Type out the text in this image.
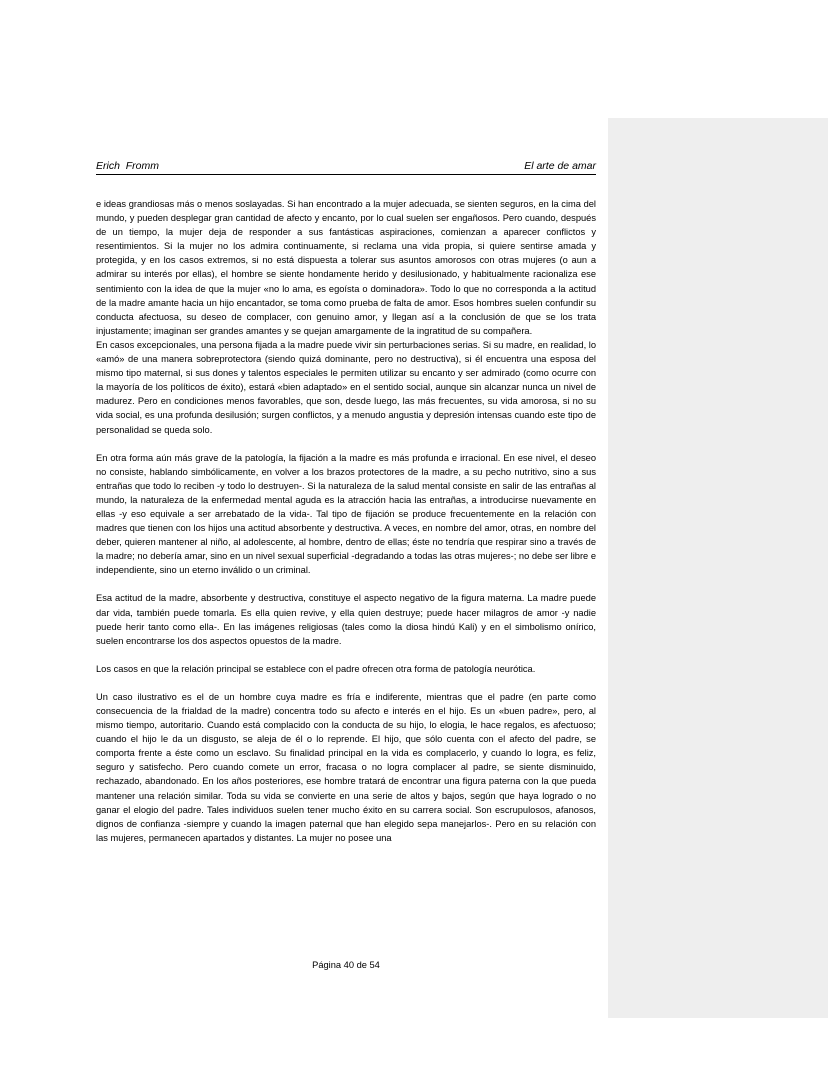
Erich  Fromm	El arte de amar

e ideas grandiosas más o menos soslayadas. Si han encontrado a la mujer adecuada, se sienten seguros, en la cima del mundo, y pueden desplegar gran cantidad de afecto y encanto, por lo cual suelen ser engañosos. Pero cuando, después de un tiempo, la mujer deja de responder a sus fantásticas aspiraciones, comienzan a aparecer conflictos y resentimientos. Si la mujer no los admira continuamente, si reclama una vida propia, si quiere sentirse amada y protegida, y en los casos extremos, si no está dispuesta a tolerar sus asuntos amorosos con otras mujeres (o aun a admirar su interés por ellas), el hombre se siente hondamente herido y desilusionado, y habitualmente racionaliza ese sentimiento con la idea de que la mujer «no lo ama, es egoísta o dominadora». Todo lo que no corresponda a la actitud de la madre amante hacia un hijo encantador, se toma como prueba de falta de amor. Esos hombres suelen confundir su conducta afectuosa, su deseo de complacer, con genuino amor, y llegan así a la conclusión de que se los trata injustamente; imaginan ser grandes amantes y se quejan amargamente de la ingratitud de su compañera.

En casos excepcionales, una persona fijada a la madre puede vivir sin perturbaciones serias. Si su madre, en realidad, lo «amó» de una manera sobreprotectora (siendo quizá dominante, pero no destructiva), si él encuentra una esposa del mismo tipo maternal, si sus dones y talentos especiales le permiten utilizar su encanto y ser admirado (como ocurre con la mayoría de los políticos de éxito), estará «bien adaptado» en el sentido social, aunque sin alcanzar nunca un nivel de madurez. Pero en condiciones menos favorables, que son, desde luego, las más frecuentes, su vida amorosa, si no su vida social, es una profunda desilusión; surgen conflictos, y a menudo angustia y depresión intensas cuando este tipo de personalidad se queda solo.

En otra forma aún más grave de la patología, la fijación a la madre es más profunda e irracional. En ese nivel, el deseo no consiste, hablando simbólicamente, en volver a los brazos protectores de la madre, a su pecho nutritivo, sino a sus entrañas que todo lo reciben -y todo lo destruyen-. Si la naturaleza de la salud mental consiste en salir de las entrañas al mundo, la naturaleza de la enfermedad mental aguda es la atracción hacia las entrañas, a introducirse nuevamente en ellas -y eso equivale a ser arrebatado de la vida-. Tal tipo de fijación se produce frecuentemente en la relación con madres que tienen con los hijos una actitud absorbente y destructiva. A veces, en nombre del amor, otras, en nombre del deber, quieren mantener al niño, al adolescente, al hombre, dentro de ellas; éste no tendría que respirar sino a través de la madre; no debería amar, sino en un nivel sexual superficial -degradando a todas las otras mujeres-; no debe ser libre e independiente, sino un eterno inválido o un criminal.

Esa actitud de la madre, absorbente y destructiva, constituye el aspecto negativo de la figura materna. La madre puede dar vida, también puede tomarla. Es ella quien revive, y ella quien destruye; puede hacer milagros de amor -y nadie puede herir tanto como ella-. En las imágenes religiosas (tales como la diosa hindú Kali) y en el simbolismo onírico, suelen encontrarse los dos aspectos opuestos de la madre.

Los casos en que la relación principal se establece con el padre ofrecen otra forma de patología neurótica.

Un caso ilustrativo es el de un hombre cuya madre es fría e indiferente, mientras que el padre (en parte como consecuencia de la frialdad de la madre) concentra todo su afecto e interés en el hijo. Es un «buen padre», pero, al mismo tiempo, autoritario. Cuando está complacido con la conducta de su hijo, lo elogia, le hace regalos, es afectuoso; cuando el hijo le da un disgusto, se aleja de él o lo reprende. El hijo, que sólo cuenta con el afecto del padre, se comporta frente a éste como un esclavo. Su finalidad principal en la vida es complacerlo, y cuando lo logra, es feliz, seguro y satisfecho. Pero cuando comete un error, fracasa o no logra complacer al padre, se siente disminuido, rechazado, abandonado. En los años posteriores, ese hombre tratará de encontrar una figura paterna con la que pueda mantener una relación similar. Toda su vida se convierte en una serie de altos y bajos, según que haya logrado o no ganar el elogio del padre. Tales individuos suelen tener mucho éxito en su carrera social. Son escrupulosos, afanosos, dignos de confianza -siempre y cuando la imagen paternal que han elegido sepa manejarlos-. Pero en su relación con las mujeres, permanecen apartados y distantes. La mujer no posee una

Página 40 de 54
